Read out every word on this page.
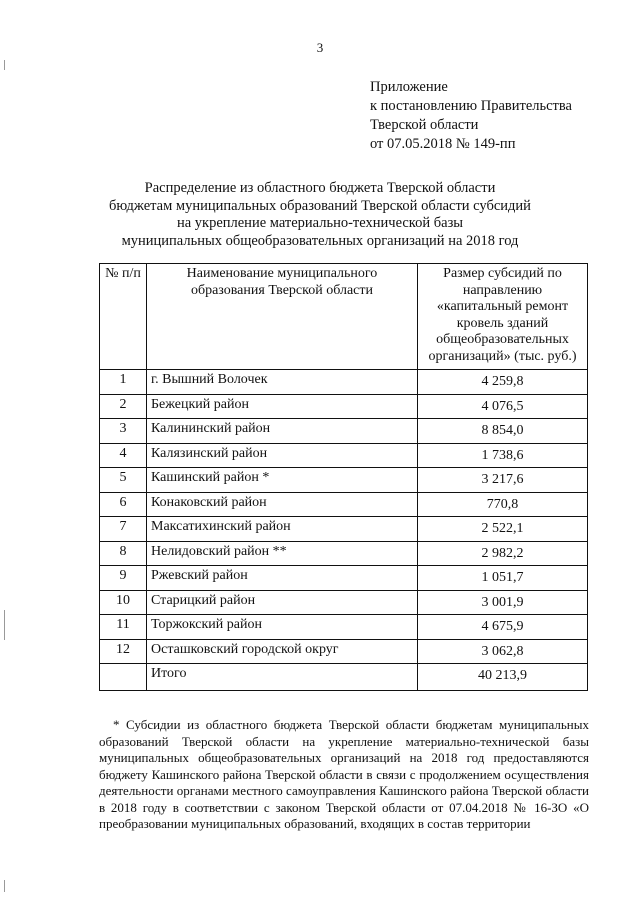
3
Приложение
к постановлению Правительства
Тверской области
от 07.05.2018 № 149-пп
Распределение из областного бюджета Тверской области
бюджетам муниципальных образований Тверской области субсидий
на укрепление материально-технической базы
муниципальных общеобразовательных организаций на 2018 год
№ п/п	Наименование муниципального образования Тверской области	Размер субсидий по направлению «капитальный ремонт кровель зданий общеобразовательных организаций» (тыс. руб.)
1	г. Вышний Волочек	4 259,8
2	Бежецкий район	4 076,5
3	Калининский район	8 854,0
4	Калязинский район	1 738,6
5	Кашинский район *	3 217,6
6	Конаковский район	770,8
7	Максатихинский район	2 522,1
8	Нелидовский район **	2 982,2
9	Ржевский район	1 051,7
10	Старицкий район	3 001,9
11	Торжокский район	4 675,9
12	Осташковский городской округ	3 062,8
	Итого	40 213,9
* Субсидии из областного бюджета Тверской области бюджетам муниципальных образований Тверской области на укрепление материально-технической базы муниципальных общеобразовательных организаций на 2018 год предоставляются бюджету Кашинского района Тверской области в связи с продолжением осуществления деятельности органами местного самоуправления Кашинского района Тверской области в 2018 году в соответствии с законом Тверской области от 07.04.2018 № 16-ЗО «О преобразовании муниципальных образований, входящих в состав территории
